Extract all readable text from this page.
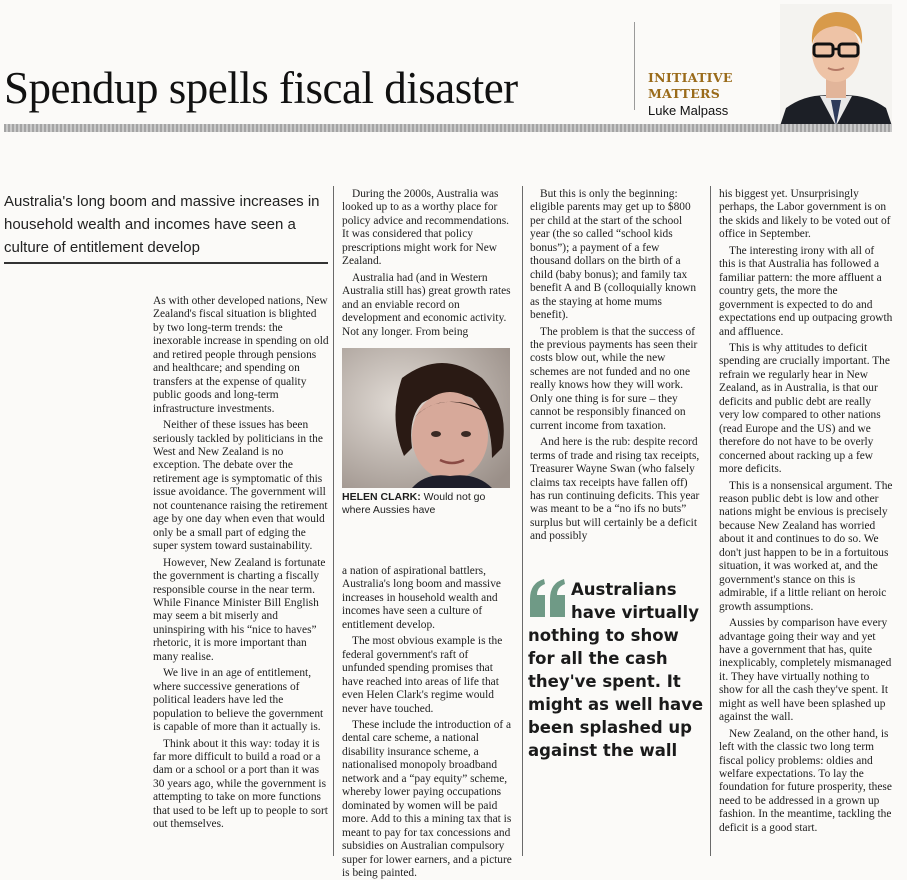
Spendup spells fiscal disaster	INITIATIVE
MATTERS
Luke Malpass
Australia's long boom and massive increases in household wealth and incomes have seen a culture of entitlement develop

As with other developed nations, New Zealand's fiscal situation is blighted by two long-term trends: the inexorable increase in spending on old and retired people through pensions and healthcare; and spending on transfers at the expense of quality public goods and long-term infrastructure investments.

Neither of these issues has been seriously tackled by politicians in the West and New Zealand is no exception. The debate over the retirement age is symptomatic of this issue avoidance. The government will not countenance raising the retirement age by one day when even that would only be a small part of edging the super system toward sustainability.

However, New Zealand is fortunate the government is charting a fiscally responsible course in the near term. While Finance Minister Bill English may seem a bit miserly and uninspiring with his “nice to haves” rhetoric, it is more important than many realise.

We live in an age of entitlement, where successive generations of political leaders have led the population to believe the government is capable of more than it actually is.

Think about it this way: today it is far more difficult to build a road or a dam or a school or a port than it was 30 years ago, while the government is attempting to take on more functions that used to be left up to people to sort out themselves.

During the 2000s, Australia was looked up to as a worthy place for policy advice and recommendations. It was considered that policy prescriptions might work for New Zealand.

Australia had (and in Western Australia still has) great growth rates and an enviable record on development and economic activity. Not any longer. From being

HELEN CLARK: Would not go where Aussies have

a nation of aspirational battlers, Australia's long boom and massive increases in household wealth and incomes have seen a culture of entitlement develop.

The most obvious example is the federal government's raft of unfunded spending promises that have reached into areas of life that even Helen Clark's regime would never have touched.

These include the introduction of a dental care scheme, a national disability insurance scheme, a nationalised monopoly broadband network and a “pay equity” scheme, whereby lower paying occupations dominated by women will be paid more. Add to this a mining tax that is meant to pay for tax concessions and subsidies on Australian compulsory super for lower earners, and a picture is being painted.

But this is only the beginning: eligible parents may get up to $800 per child at the start of the school year (the so called “school kids bonus”); a payment of a few thousand dollars on the birth of a child (baby bonus); and family tax benefit A and B (colloquially known as the staying at home mums benefit).

The problem is that the success of the previous payments has seen their costs blow out, while the new schemes are not funded and no one really knows how they will work. Only one thing is for sure – they cannot be responsibly financed on current income from taxation.

And here is the rub: despite record terms of trade and rising tax receipts, Treasurer Wayne Swan (who falsely claims tax receipts have fallen off) has run continuing deficits. This year was meant to be a “no ifs no buts” surplus but will certainly be a deficit and possibly

Australians have virtually nothing to show for all the cash they've spent. It might as well have been splashed up against the wall

his biggest yet. Unsurprisingly perhaps, the Labor government is on the skids and likely to be voted out of office in September.

The interesting irony with all of this is that Australia has followed a familiar pattern: the more affluent a country gets, the more the government is expected to do and expectations end up outpacing growth and affluence.

This is why attitudes to deficit spending are crucially important. The refrain we regularly hear in New Zealand, as in Australia, is that our deficits and public debt are really very low compared to other nations (read Europe and the US) and we therefore do not have to be overly concerned about racking up a few more deficits.

This is a nonsensical argument. The reason public debt is low and other nations might be envious is precisely because New Zealand has worried about it and continues to do so. We don't just happen to be in a fortuitous situation, it was worked at, and the government's stance on this is admirable, if a little reliant on heroic growth assumptions.

Aussies by comparison have every advantage going their way and yet have a government that has, quite inexplicably, completely mismanaged it. They have virtually nothing to show for all the cash they've spent. It might as well have been splashed up against the wall.

New Zealand, on the other hand, is left with the classic two long term fiscal policy problems: oldies and welfare expectations. To lay the foundation for future prosperity, these need to be addressed in a grown up fashion. In the meantime, tackling the deficit is a good start.
